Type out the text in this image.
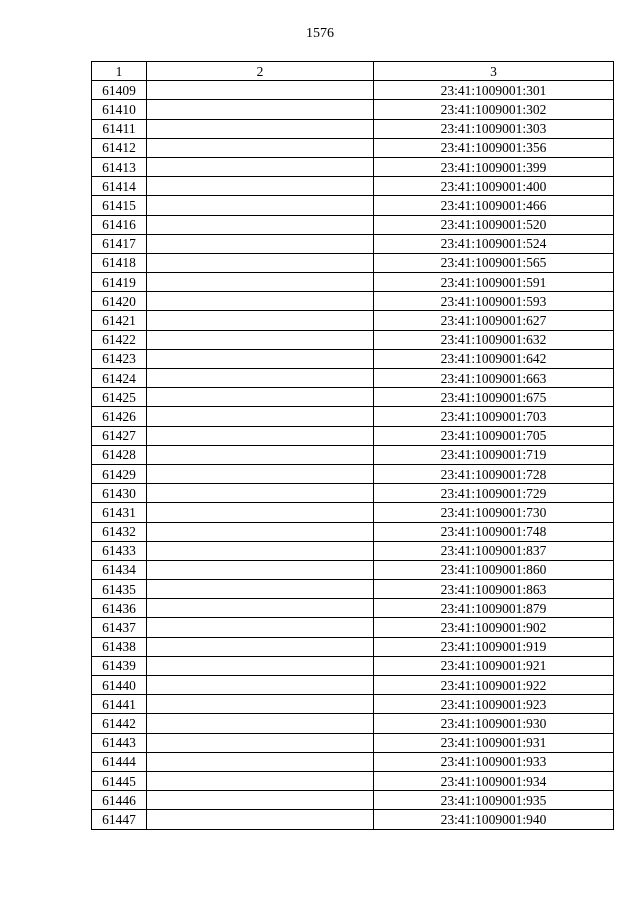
1576
1	2	3
61409		23:41:1009001:301
61410		23:41:1009001:302
61411		23:41:1009001:303
61412		23:41:1009001:356
61413		23:41:1009001:399
61414		23:41:1009001:400
61415		23:41:1009001:466
61416		23:41:1009001:520
61417		23:41:1009001:524
61418		23:41:1009001:565
61419		23:41:1009001:591
61420		23:41:1009001:593
61421		23:41:1009001:627
61422		23:41:1009001:632
61423		23:41:1009001:642
61424		23:41:1009001:663
61425		23:41:1009001:675
61426		23:41:1009001:703
61427		23:41:1009001:705
61428		23:41:1009001:719
61429		23:41:1009001:728
61430		23:41:1009001:729
61431		23:41:1009001:730
61432		23:41:1009001:748
61433		23:41:1009001:837
61434		23:41:1009001:860
61435		23:41:1009001:863
61436		23:41:1009001:879
61437		23:41:1009001:902
61438		23:41:1009001:919
61439		23:41:1009001:921
61440		23:41:1009001:922
61441		23:41:1009001:923
61442		23:41:1009001:930
61443		23:41:1009001:931
61444		23:41:1009001:933
61445		23:41:1009001:934
61446		23:41:1009001:935
61447		23:41:1009001:940
